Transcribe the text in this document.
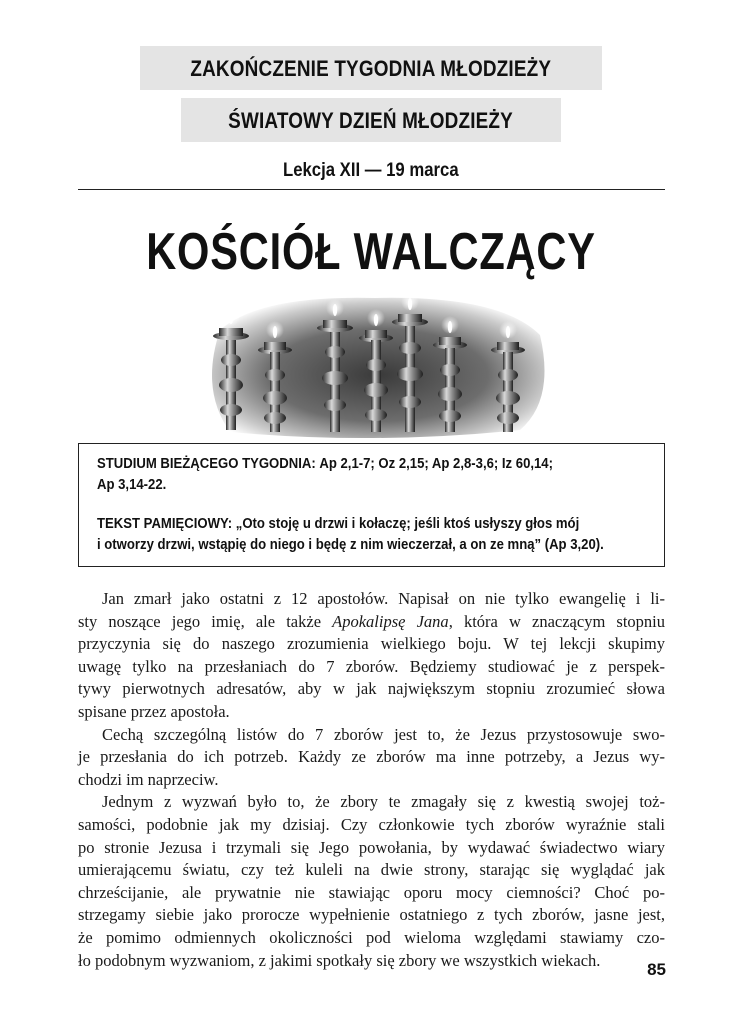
ZAKOŃCZENIE TYGODNIA MŁODZIEŻY
ŚWIATOWY DZIEŃ MŁODZIEŻY
Lekcja XII — 19 marca
KOŚCIÓŁ WALCZĄCY

STUDIUM BIEŻĄCEGO TYGODNIA: Ap 2,1-7; Oz 2,15; Ap 2,8-3,6; Iz 60,14;
Ap 3,14-22.

TEKST PAMIĘCIOWY: „Oto stoję u drzwi i kołaczę; jeśli ktoś usłyszy głos mój
i otworzy drzwi, wstąpię do niego i będę z nim wieczerzał, a on ze mną” (Ap 3,20).

Jan zmarł jako ostatni z 12 apostołów. Napisał on nie tylko ewangelię i li-
sty noszące jego imię, ale także Apokalipsę Jana, która w znaczącym stopniu
przyczynia się do naszego zrozumienia wielkiego boju. W tej lekcji skupimy
uwagę tylko na przesłaniach do 7 zborów. Będziemy studiować je z perspek-
tywy pierwotnych adresatów, aby w jak największym stopniu zrozumieć słowa
spisane przez apostoła.

Cechą szczególną listów do 7 zborów jest to, że Jezus przystosowuje swo-
je przesłania do ich potrzeb. Każdy ze zborów ma inne potrzeby, a Jezus wy-
chodzi im naprzeciw.

Jednym z wyzwań było to, że zbory te zmagały się z kwestią swojej toż-
samości, podobnie jak my dzisiaj. Czy członkowie tych zborów wyraźnie stali
po stronie Jezusa i trzymali się Jego powołania, by wydawać świadectwo wiary
umierającemu światu, czy też kuleli na dwie strony, starając się wyglądać jak
chrześcijanie, ale prywatnie nie stawiając oporu mocy ciemności? Choć po-
strzegamy siebie jako prorocze wypełnienie ostatniego z tych zborów, jasne jest,
że pomimo odmiennych okoliczności pod wieloma względami stawiamy czo-
ło podobnym wyzwaniom, z jakimi spotkały się zbory we wszystkich wiekach.	85
